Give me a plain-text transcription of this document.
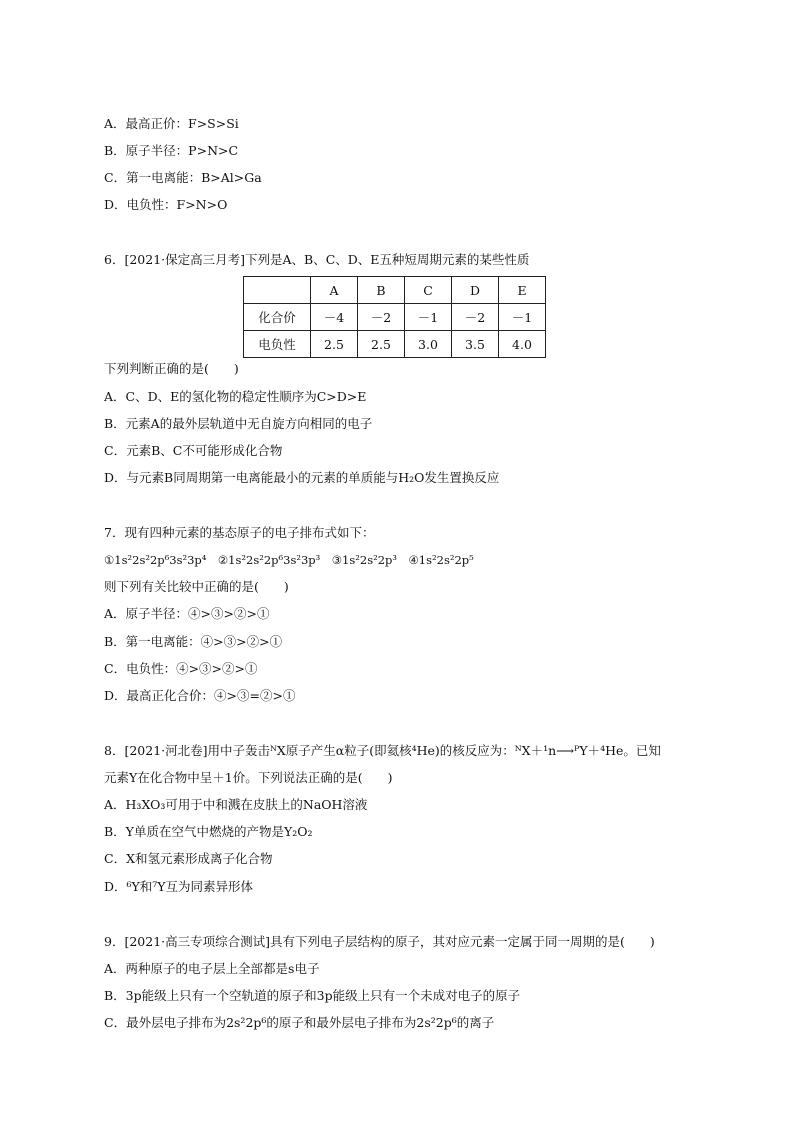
A．最高正价：F>S>Si
B．原子半径：P>N>C
C．第一电离能：B>Al>Ga
D．电负性：F>N>O
6．[2021·保定高三月考]下列是A、B、C、D、E五种短周期元素的某些性质
	A	B	C	D	E
化合价	－4	－2	－1	－2	－1
电负性	2.5	2.5	3.0	3.5	4.0
下列判断正确的是(　　)
A．C、D、E的氢化物的稳定性顺序为C>D>E
B．元素A的最外层轨道中无自旋方向相同的电子
C．元素B、C不可能形成化合物
D．与元素B同周期第一电离能最小的元素的单质能与H₂O发生置换反应
7．现有四种元素的基态原子的电子排布式如下：
①1s²2s²2p⁶3s²3p⁴　②1s²2s²2p⁶3s²3p³　③1s²2s²2p³　④1s²2s²2p⁵
则下列有关比较中正确的是(　　)
A．原子半径：④>③>②>①
B．第一电离能：④>③>②>①
C．电负性：④>③>②>①
D．最高正化合价：④>③=②>①
8．[2021·河北卷]用中子轰击ᴺX原子产生α粒子(即氦核⁴He)的核反应为：ᴺX＋¹n⟶ᴾY＋⁴He。已知
元素Y在化合物中呈＋1价。下列说法正确的是(　　)
A．H₃XO₃可用于中和溅在皮肤上的NaOH溶液
B．Y单质在空气中燃烧的产物是Y₂O₂
C．X和氢元素形成离子化合物
D．⁶Y和⁷Y互为同素异形体
9．[2021·高三专项综合测试]具有下列电子层结构的原子，其对应元素一定属于同一周期的是(　　)
A．两种原子的电子层上全部都是s电子
B．3p能级上只有一个空轨道的原子和3p能级上只有一个未成对电子的原子
C．最外层电子排布为2s²2p⁶的原子和最外层电子排布为2s²2p⁶的离子
